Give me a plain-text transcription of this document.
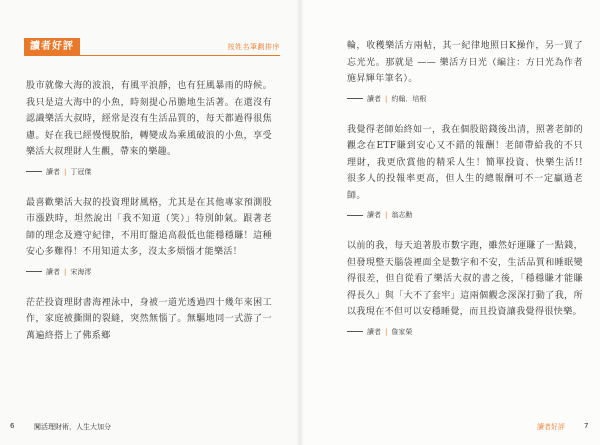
讀者好評	按姓名筆劃排序

股市就像大海的波浪，有風平浪靜，也有狂風暴雨的時候。我只是這大海中的小魚，時刻提心吊膽地生活著。在還沒有認識樂活大叔時，經常是沒有生活品質的，每天都過得很焦慮。好在我已經慢慢脫胎，轉變成為乘風破浪的小魚，享受樂活大叔理財人生觀，帶來的樂趣。

讀者 | 丁冠傑

最喜歡樂活大叔的投資理財風格，尤其是在其他專家預測股市漲跌時，坦然說出「我不知道（笑）」特別帥氣。跟著老師的理念及遵守紀律，不用盯盤追高殺低也能穩穩賺！這種安心多難得！不用知道太多，沒太多煩惱才能樂活！

讀者 | 宋海澪

茫茫投資理財書海裡泳中，身被一道光透過四十幾年來困工作，家庭被撕開的裂縫，突然無惱了。無驅地同一式游了一萬遍終搭上了佛系鄉

6	闖活理財術，人生大加分

輪，收穫樂活方兩帖，其一紀律地照日K操作，另一買了忘光光。那就是 —— 樂活方日光（編注：方日光為作者施昇輝年筆名）。

讀者 | 約翰．培根

我覺得老師始終如一，我在個股賠錢後出清，照著老師的觀念在ETF賺到安心又不錯的報酬！老師帶給我的不只理財，我更欣賞他的精采人生！簡單投資、快樂生活!! 很多人的投報率更高，但人生的總報酬可不一定贏過老師。

讀者 | 翁志勳

以前的我，每天追著股市數字跑，雖然好運賺了一點錢，但發現整天腦袋裡面全是數字和不安，生活品質和睡眠變得很差，但自從看了樂活大叔的書之後，「穩穩賺才能賺得長久」與「大不了套牢」這兩個觀念深深打動了我，所以我現在不但可以安穩睡覺，而且投資讓我覺得很快樂。

讀者 | 詹家榮
讀者好評	7
